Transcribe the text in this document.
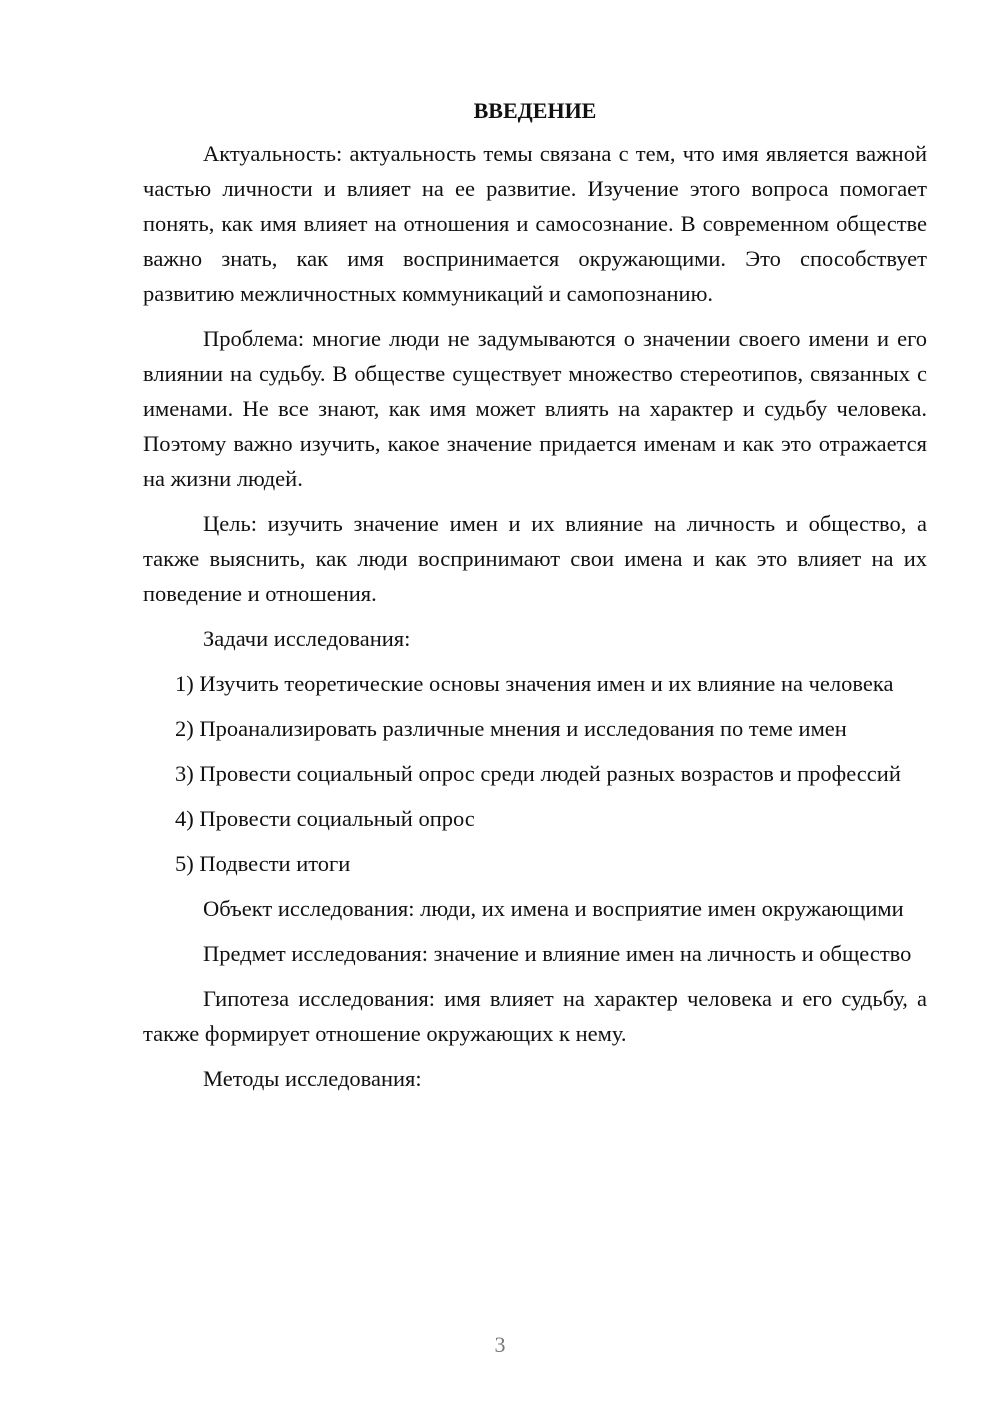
ВВЕДЕНИЕ

Актуальность: актуальность темы связана с тем, что имя является важной частью личности и влияет на ее развитие. Изучение этого вопроса помогает понять, как имя влияет на отношения и самосознание. В современном обществе важно знать, как имя воспринимается окружающими. Это способствует развитию межличностных коммуникаций и самопознанию.

Проблема: многие люди не задумываются о значении своего имени и его влиянии на судьбу. В обществе существует множество стереотипов, связанных с именами. Не все знают, как имя может влиять на характер и судьбу человека. Поэтому важно изучить, какое значение придается именам и как это отражается на жизни людей.

Цель: изучить значение имен и их влияние на личность и общество, а также выяснить, как люди воспринимают свои имена и как это влияет на их поведение и отношения.

Задачи исследования:

1) Изучить теоретические основы значения имен и их влияние на человека

2) Проанализировать различные мнения и исследования по теме имен

3) Провести социальный опрос среди людей разных возрастов и профессий

4) Провести социальный опрос

5) Подвести итоги

Объект исследования: люди, их имена и восприятие имен окружающими

Предмет исследования: значение и влияние имен на личность и общество

Гипотеза исследования: имя влияет на характер человека и его судьбу, а также формирует отношение окружающих к нему.

Методы исследования:

3
